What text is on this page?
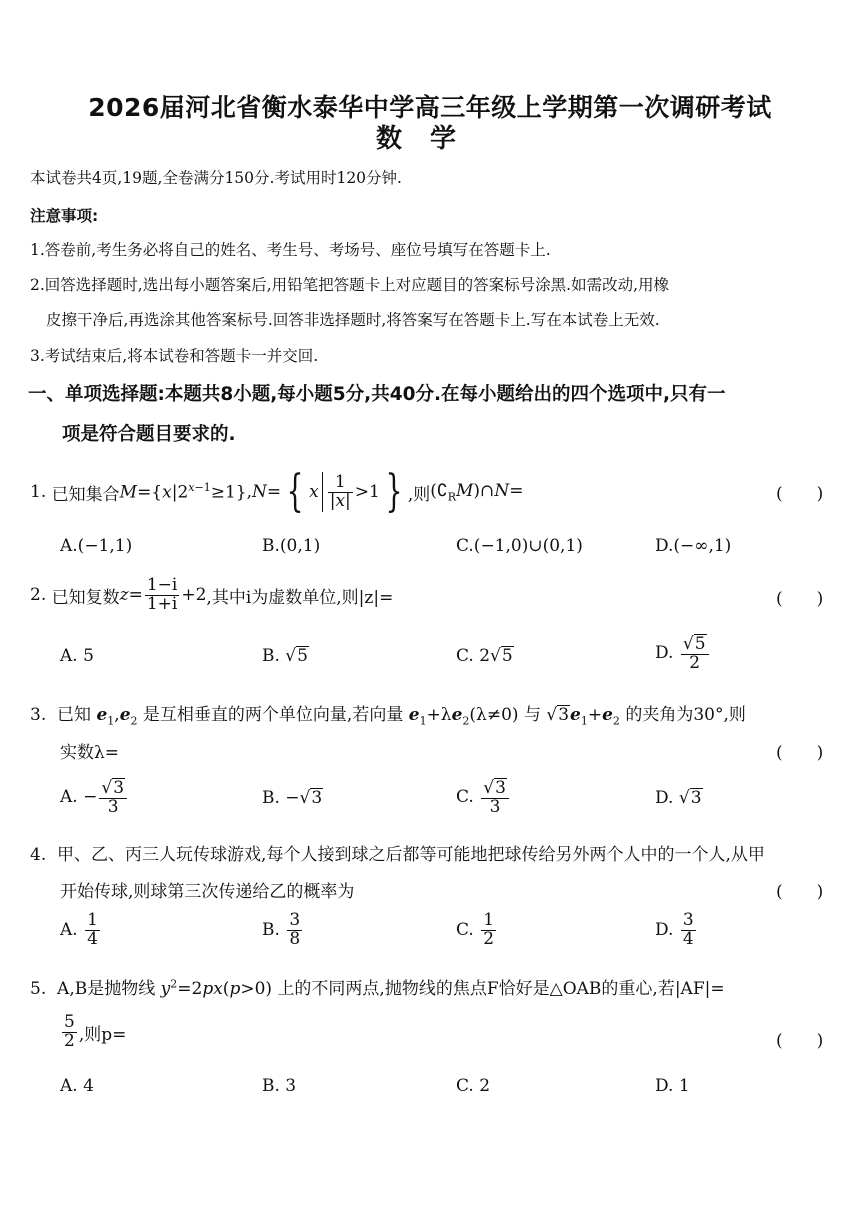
2026届河北省衡水泰华中学高三年级上学期第一次调研考试
数学
本试卷共4页,19题,全卷满分150分.考试用时120分钟.
注意事项:
1.答卷前,考生务必将自己的姓名、考生号、考场号、座位号填写在答题卡上.
2.回答选择题时,选出每小题答案后,用铅笔把答题卡上对应题目的答案标号涂黑.如需改动,用橡
皮擦干净后,再选涂其他答案标号.回答非选择题时,将答案写在答题卡上.写在本试卷上无效.
3.考试结束后,将本试卷和答题卡一并交回.
一、单项选择题:本题共8小题,每小题5分,共40分.在每小题给出的四个选项中,只有一
项是符合题目要求的.
1.
已知集合 $M=\{x|2^{x-1}\ge 1\}$ , N = { x $\frac{1}{|x|} >1$ } ,则 $(∁_RM)\cap N=$	(　　)
A.(−1,1)	B.(0,1)	C.(−1,0)∪(0,1)	D.(−∞,1)
2.
已知复数 $z= \frac{1-i}{1+i} +2$ ,其中i为虚数单位,则|z|=	(　　)
A. 5	B. √5	C. 2√5	D.
$\frac{√5}{2}$
3. 已知 $e_1,e_2$ 是互相垂直的两个单位向量,若向量 $e_1+\lambda e_2(\lambda\ne 0)$ 与 $√3e_1+e_2$ 的夹角为30°,则
实数λ=	(　　)
A. − $\frac{√3}{3}$	B. −√3	C.
$\frac{√3}{3}$	D. √3
4. 甲、乙、丙三人玩传球游戏,每个人接到球之后都等可能地把球传给另外两个人中的一个人,从甲
开始传球,则球第三次传递给乙的概率为	(　　)
A.
$\frac{1}{4}$	B.
$\frac{3}{8}$	C.
$\frac{1}{2}$	D.
$\frac{3}{4}$
5. A,B是抛物线 $y^2=2px(p>0)$ 上的不同两点,抛物线的焦点F恰好是△OAB的重心,若|AF|=
$\frac{5}{2}$ ,则p=	(　　)
A. 4	B. 3	C. 2	D. 1
